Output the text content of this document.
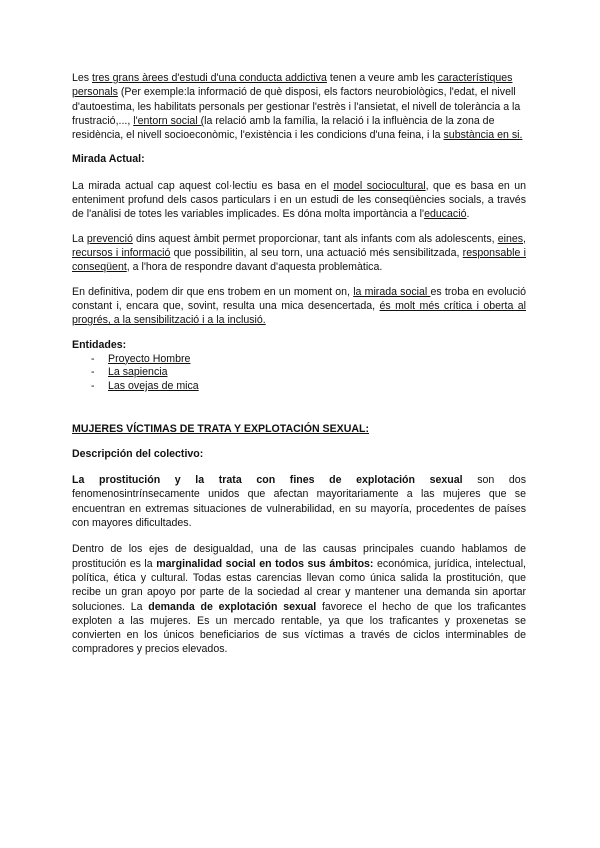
Les tres grans àrees d'estudi d'una conducta addictiva tenen a veure amb les característiques personals (Per exemple:la informació de què disposi, els factors neurobiològics, l'edat, el nivell d'autoestima, les habilitats personals per gestionar l'estrès i l'ansietat, el nivell de tolerància a la frustració,..., l'entorn social (la relació amb la família, la relació i la influència de la zona de residència, el nivell socioeconòmic, l'existència i les condicions d'una feina, i la substància en si.

Mirada Actual:

La mirada actual cap aquest col·lectiu es basa en el model sociocultural, que es basa en un enteniment profund dels casos particulars i en un estudi de les conseqüències socials, a través de l'anàlisi de totes les variables implicades. Es dóna molta importància a l'educació.

La prevenció dins aquest àmbit permet proporcionar, tant als infants com als adolescents, eines, recursos i informació que possibilitin, al seu torn, una actuació més sensibilitzada, responsable i conseqüent, a l'hora de respondre davant d'aquesta problemàtica.

En definitiva, podem dir que ens trobem en un moment on, la mirada social es troba en evolució constant i, encara que, sovint, resulta una mica desencertada, és molt més crítica i oberta al progrés, a la sensibilització i a la inclusió.

Entidades:

- Proyecto Hombre
- La sapiencia
- Las ovejas de mica

MUJERES VÍCTIMAS DE TRATA Y EXPLOTACIÓN SEXUAL:

Descripción del colectivo:

La prostitución y la trata con fines de explotación sexual son dos fenomenosintrínsecamente unidos que afectan mayoritariamente a las mujeres que se encuentran en extremas situaciones de vulnerabilidad, en su mayoría, procedentes de países con mayores dificultades.

Dentro de los ejes de desigualdad, una de las causas principales cuando hablamos de prostitución es la marginalidad social en todos sus ámbitos: económica, jurídica, intelectual, política, ética y cultural. Todas estas carencias llevan como única salida la prostitución, que recibe un gran apoyo por parte de la sociedad al crear y mantener una demanda sin aportar soluciones. La demanda de explotación sexual favorece el hecho de que los traficantes exploten a las mujeres. Es un mercado rentable, ya que los traficantes y proxenetas se convierten en los únicos beneficiarios de sus víctimas a través de ciclos interminables de compradores y precios elevados.
